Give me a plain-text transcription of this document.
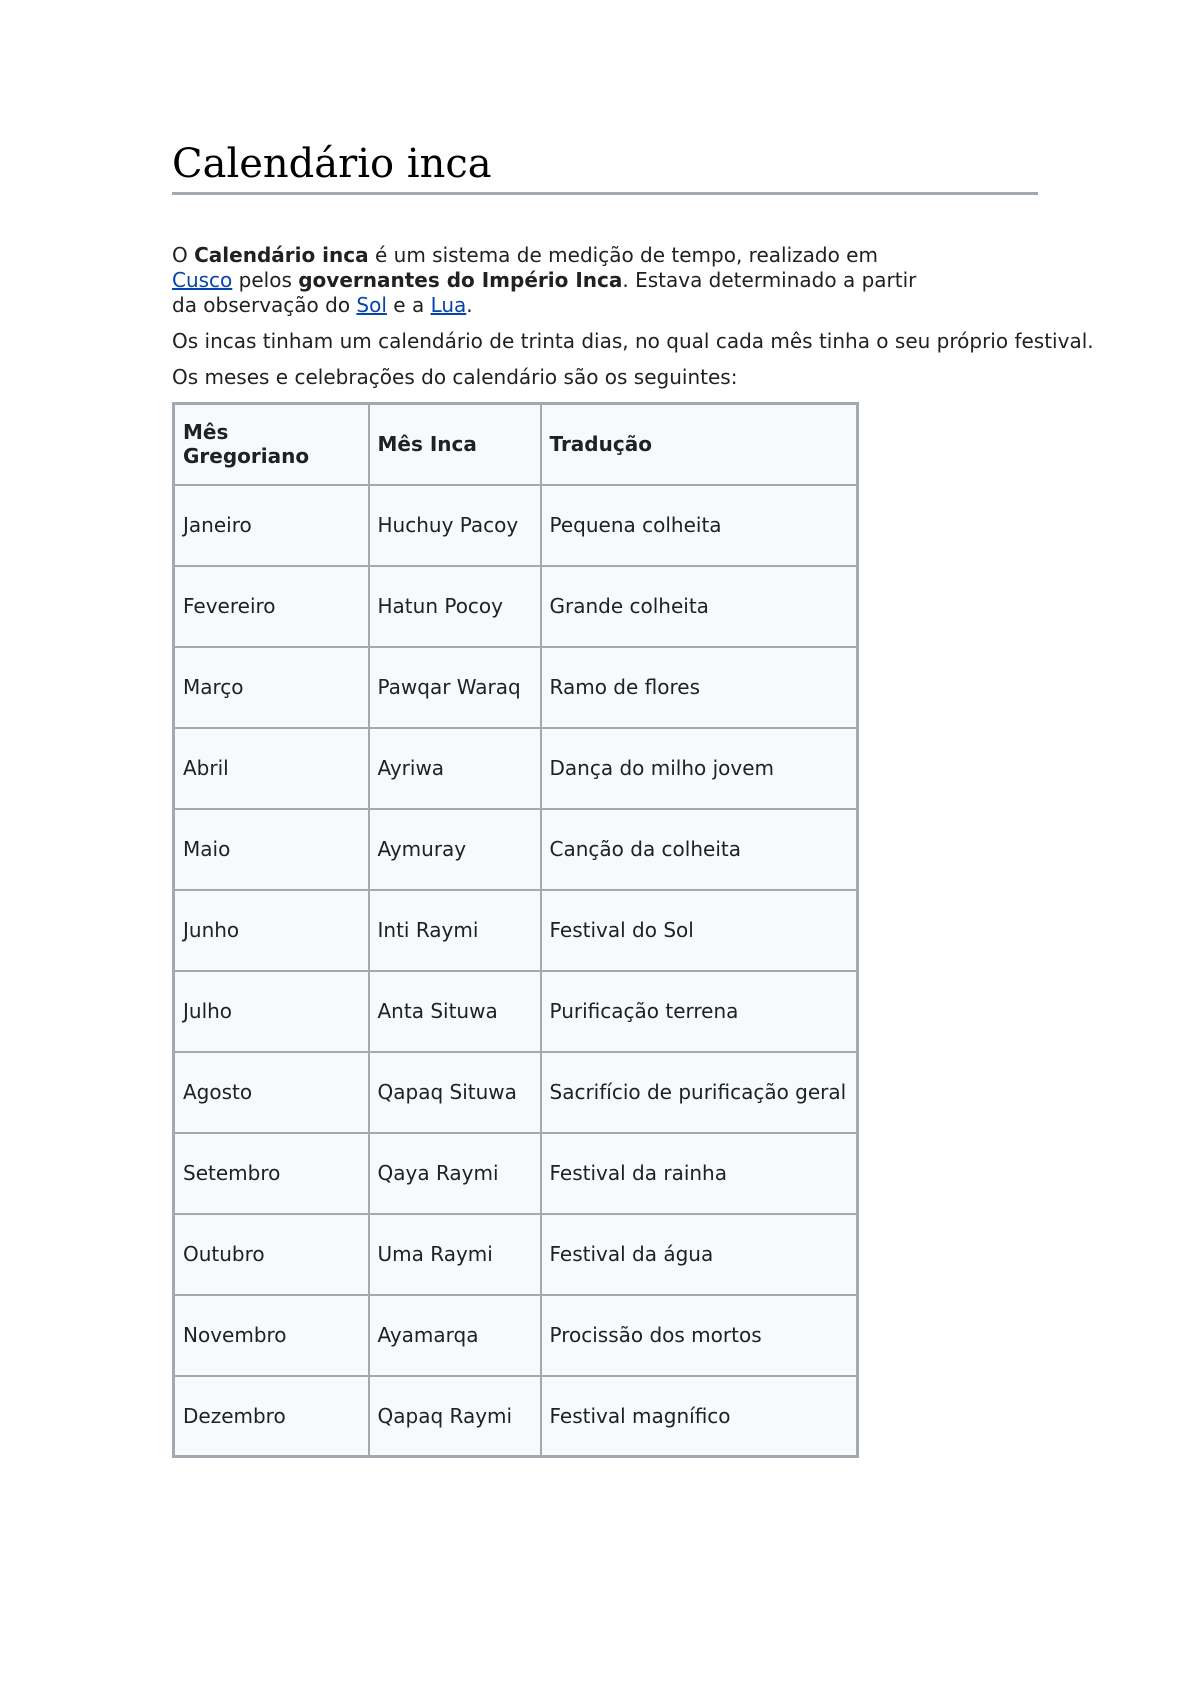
Calendário inca

O Calendário inca é um sistema de medição de tempo, realizado em Cusco pelos governantes do Império Inca. Estava determinado a partir da observação do Sol e a Lua.

Os incas tinham um calendário de trinta dias, no qual cada mês tinha o seu próprio festival.

Os meses e celebrações do calendário são os seguintes:

Mês Gregoriano	Mês Inca	Tradução
Janeiro	Huchuy Pacoy	Pequena colheita
Fevereiro	Hatun Pocoy	Grande colheita
Março	Pawqar Waraq	Ramo de flores
Abril	Ayriwa	Dança do milho jovem
Maio	Aymuray	Canção da colheita
Junho	Inti Raymi	Festival do Sol
Julho	Anta Situwa	Purificação terrena
Agosto	Qapaq Situwa	Sacrifício de purificação geral
Setembro	Qaya Raymi	Festival da rainha
Outubro	Uma Raymi	Festival da água
Novembro	Ayamarqa	Procissão dos mortos
Dezembro	Qapaq Raymi	Festival magnífico
